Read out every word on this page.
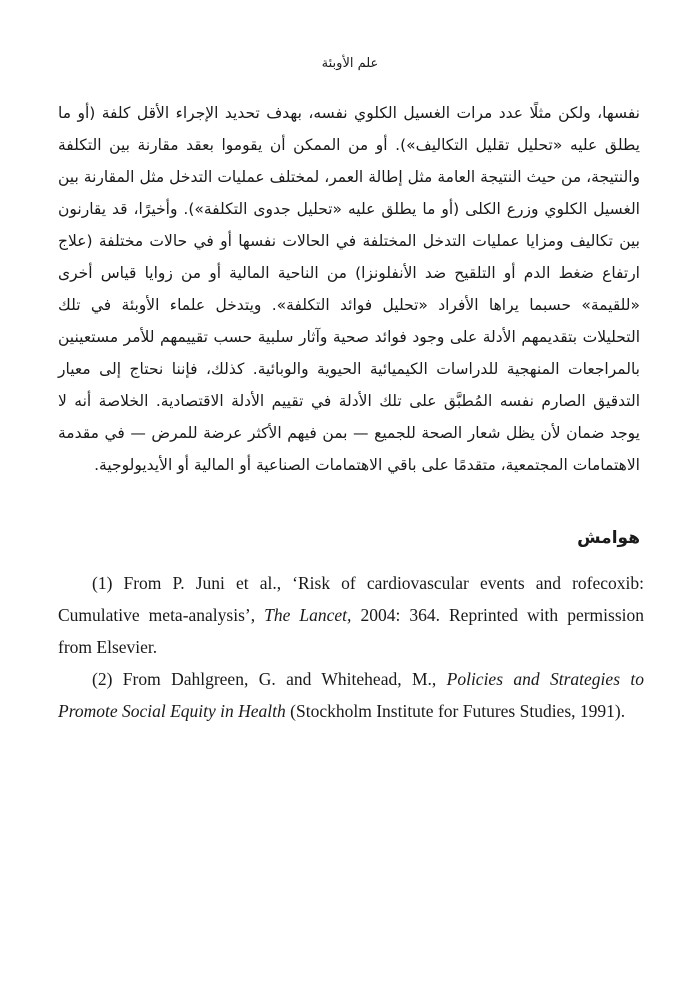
علم الأوبئة

نفسها، ولكن مثلًا عدد مرات الغسيل الكلوي نفسه، بهدف تحديد الإجراء الأقل كلفة (أو ما يطلق عليه «تحليل تقليل التكاليف»). أو من الممكن أن يقوموا بعقد مقارنة بين التكلفة والنتيجة، من حيث النتيجة العامة مثل إطالة العمر، لمختلف عمليات التدخل مثل المقارنة بين الغسيل الكلوي وزرع الكلى (أو ما يطلق عليه «تحليل جدوى التكلفة»). وأخيرًا، قد يقارنون بين تكاليف ومزايا عمليات التدخل المختلفة في الحالات نفسها أو في حالات مختلفة (علاج ارتفاع ضغط الدم أو التلقيح ضد الأنفلونزا) من الناحية المالية أو من زوايا قياس أخرى «للقيمة» حسبما يراها الأفراد «تحليل فوائد التكلفة». ويتدخل علماء الأوبئة في تلك التحليلات بتقديمهم الأدلة على وجود فوائد صحية وآثار سلبية حسب تقييمهم للأمر مستعينين بالمراجعات المنهجية للدراسات الكيميائية الحيوية والوبائية. كذلك، فإننا نحتاج إلى معيار التدقيق الصارم نفسه المُطبَّق على تلك الأدلة في تقييم الأدلة الاقتصادية. الخلاصة أنه لا يوجد ضمان لأن يظل شعار الصحة للجميع — بمن فيهم الأكثر عرضة للمرض — في مقدمة الاهتمامات المجتمعية، متقدمًا على باقي الاهتمامات الصناعية أو المالية أو الأيديولوجية.

هوامش

(1) From P. Juni et al., ‘Risk of cardiovascular events and rofecoxib: Cumulative meta-analysis’, The Lancet, 2004: 364. Reprinted with permission from Elsevier.

(2) From Dahlgreen, G. and Whitehead, M., Policies and Strategies to Promote Social Equity in Health (Stockholm Institute for Futures Studies, 1991).
